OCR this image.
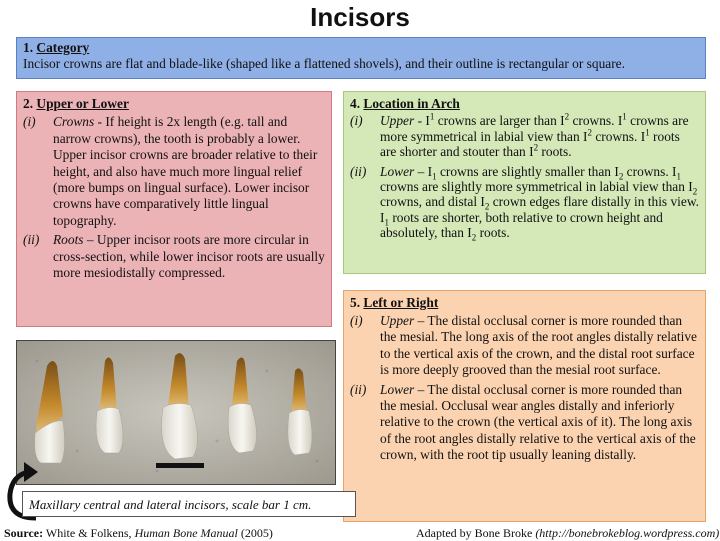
Incisors
1. Category
Incisor crowns are flat and blade-like (shaped like a flattened shovels), and their outline is rectangular or square.
2. Upper or Lower
(i) Crowns - If height is 2x length (e.g. tall and narrow crowns), the tooth is probably a lower. Upper incisor crowns are broader relative to their height, and also have much more lingual relief (more bumps on lingual surface). Lower incisor crowns have comparatively little lingual topography.
(ii) Roots – Upper incisor roots are more circular in cross-section, while lower incisor roots are usually more mesiodistally compressed.
4. Location in Arch
(i) Upper - $I^1$ crowns are larger than $I^2$ crowns. $I^1$ crowns are more symmetrical in labial view than $I^2$ crowns. $I^1$ roots are shorter and stouter than $I^2$ roots.
(ii) Lower – $I_1$ crowns are slightly smaller than $I_2$ crowns. $I_1$ crowns are slightly more symmetrical in labial view than $I_2$ crowns, and distal $I_2$ crown edges flare distally in this view. $I_1$ roots are shorter, both relative to crown height and absolutely, than $I_2$ roots.
5. Left or Right
(i) Upper – The distal occlusal corner is more rounded than the mesial. The long axis of the root angles distally relative to the vertical axis of the crown, and the distal root surface is more deeply grooved than the mesial root surface.
(ii) Lower – The distal occlusal corner is more rounded than the mesial. Occlusal wear angles distally and inferiorly relative to the crown (the vertical axis of it). The long axis of the root angles distally relative to the vertical axis of the crown, with the root tip usually leaning distally.
Maxillary central and lateral incisors, scale bar 1 cm.
Source: White & Folkens, Human Bone Manual (2005)	Adapted by Bone Broke (http://bonebrokeblog.wordpress.com)
